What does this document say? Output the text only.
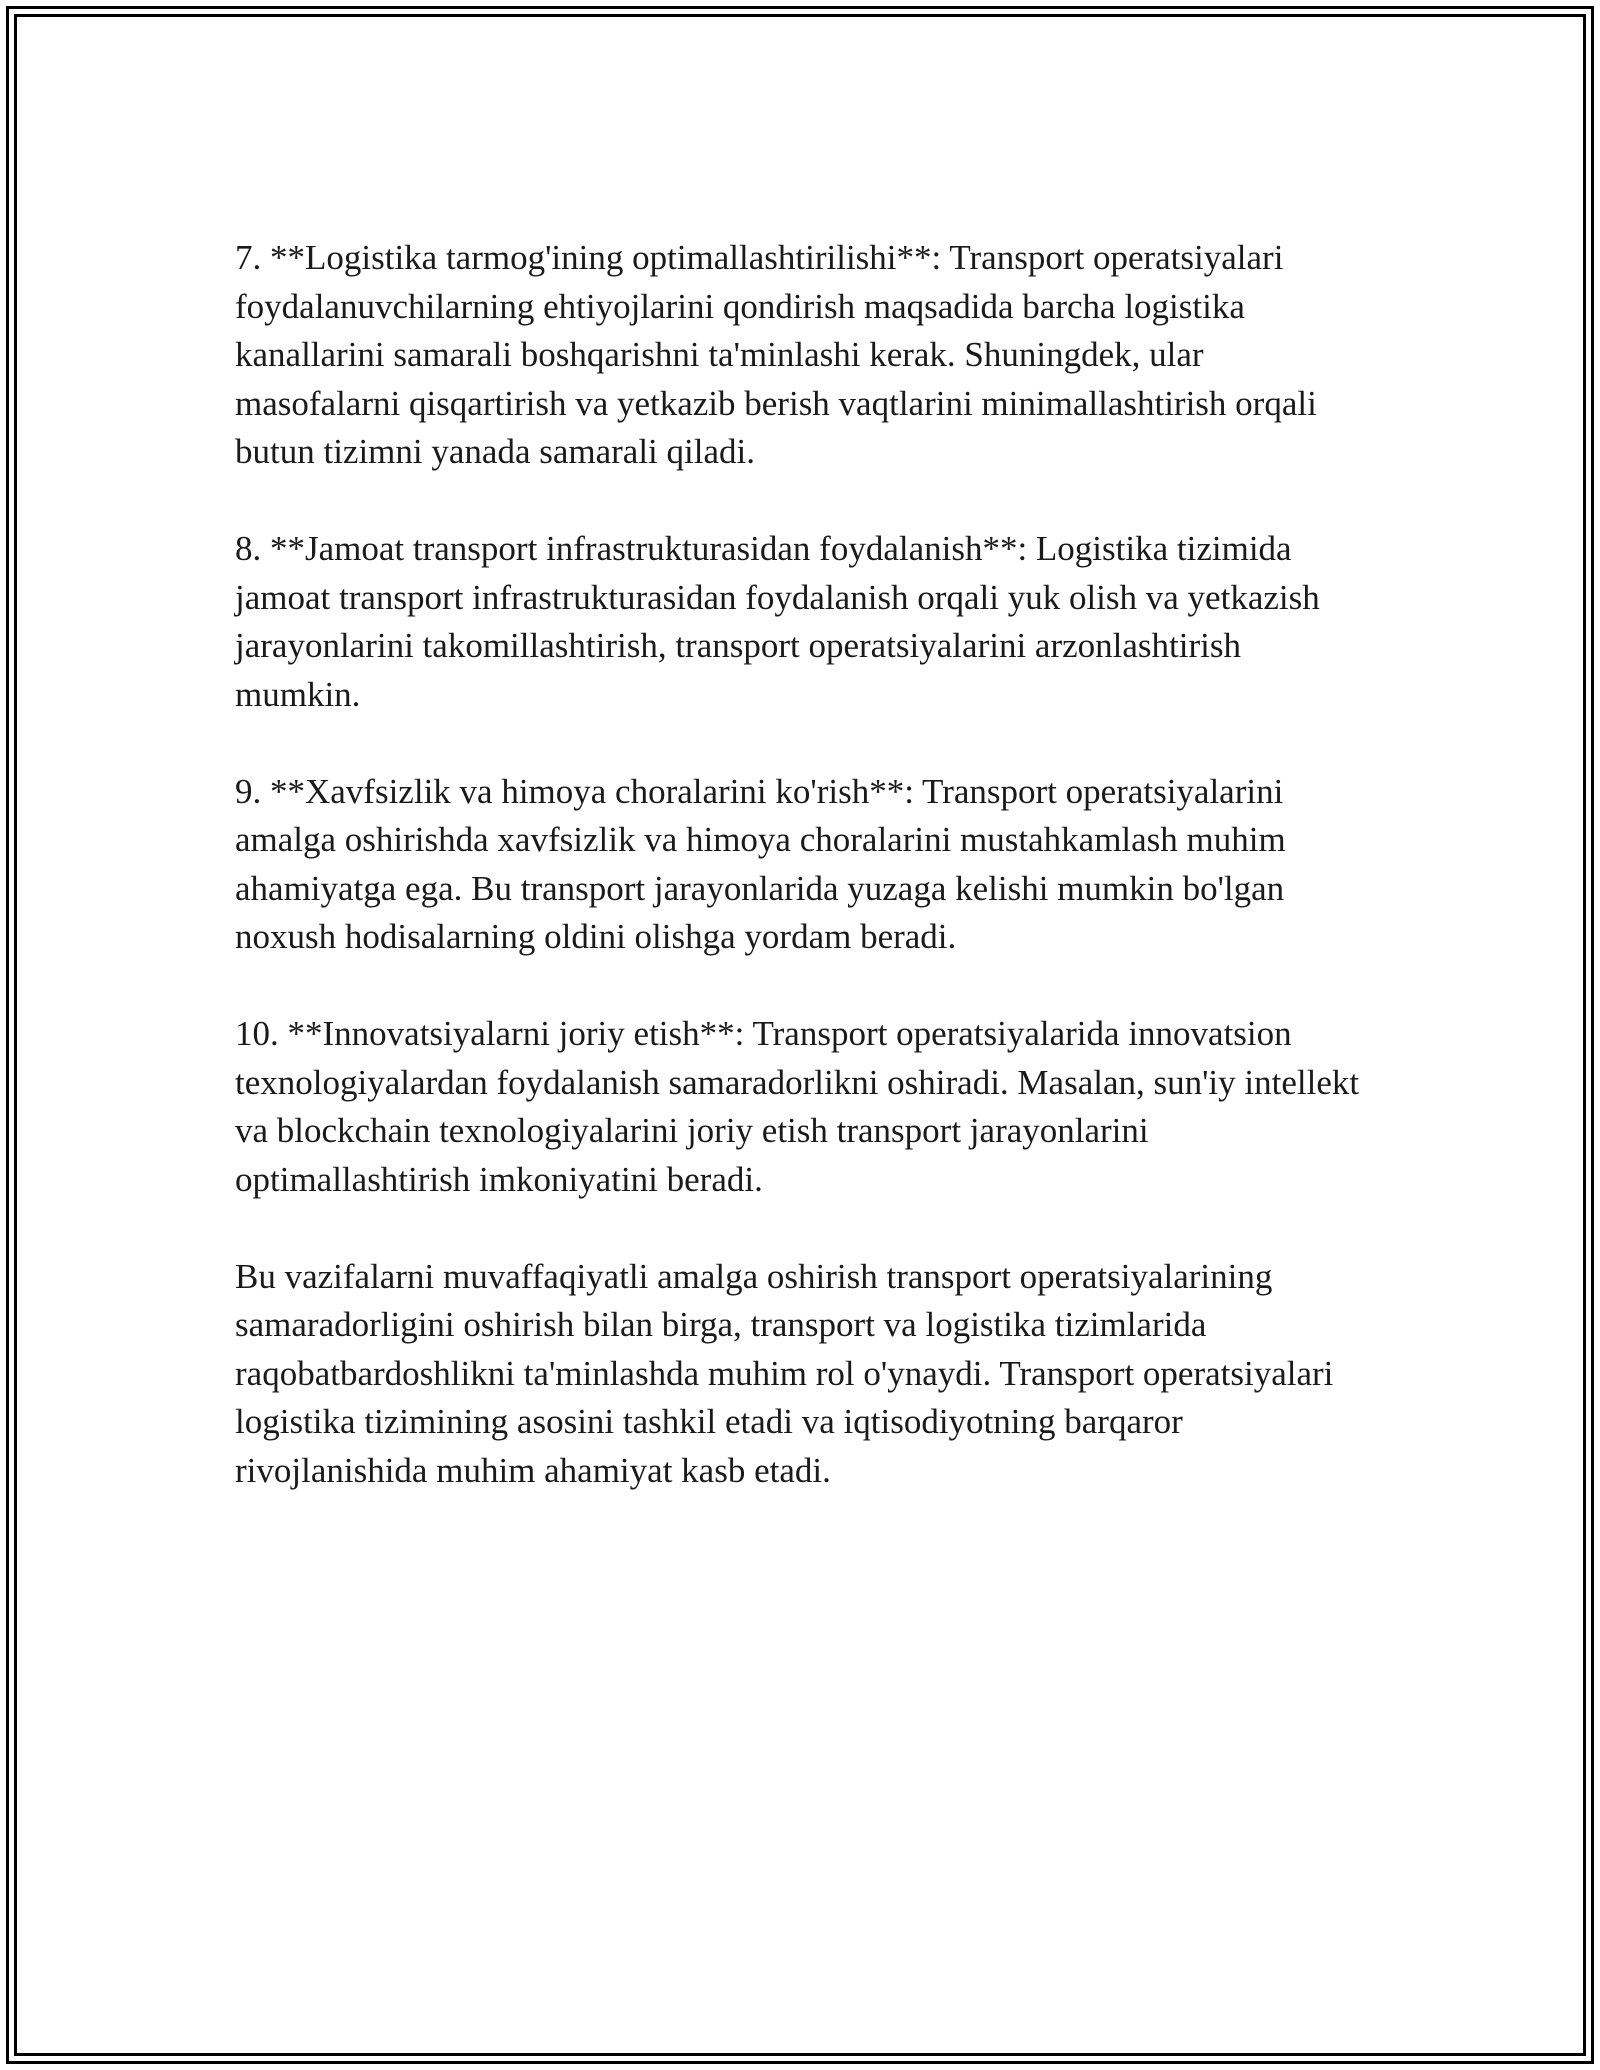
7. **Logistika tarmog'ining optimallashtirilishi**: Transport operatsiyalari foydalanuvchilarning ehtiyojlarini qondirish maqsadida barcha logistika kanallarini samarali boshqarishni ta'minlashi kerak. Shuningdek, ular masofalarni qisqartirish va yetkazib berish vaqtlarini minimallashtirish orqali butun tizimni yanada samarali qiladi.

8. **Jamoat transport infrastrukturasidan foydalanish**: Logistika tizimida jamoat transport infrastrukturasidan foydalanish orqali yuk olish va yetkazish jarayonlarini takomillashtirish, transport operatsiyalarini arzonlashtirish mumkin.

9. **Xavfsizlik va himoya choralarini ko'rish**: Transport operatsiyalarini amalga oshirishda xavfsizlik va himoya choralarini mustahkamlash muhim ahamiyatga ega. Bu transport jarayonlarida yuzaga kelishi mumkin bo'lgan noxush hodisalarning oldini olishga yordam beradi.

10. **Innovatsiyalarni joriy etish**: Transport operatsiyalarida innovatsion texnologiyalardan foydalanish samaradorlikni oshiradi. Masalan, sun'iy intellekt va blockchain texnologiyalarini joriy etish transport jarayonlarini optimallashtirish imkoniyatini beradi.

Bu vazifalarni muvaffaqiyatli amalga oshirish transport operatsiyalarining samaradorligini oshirish bilan birga, transport va logistika tizimlarida raqobatbardoshlikni ta'minlashda muhim rol o'ynaydi. Transport operatsiyalari logistika tizimining asosini tashkil etadi va iqtisodiyotning barqaror rivojlanishida muhim ahamiyat kasb etadi.
